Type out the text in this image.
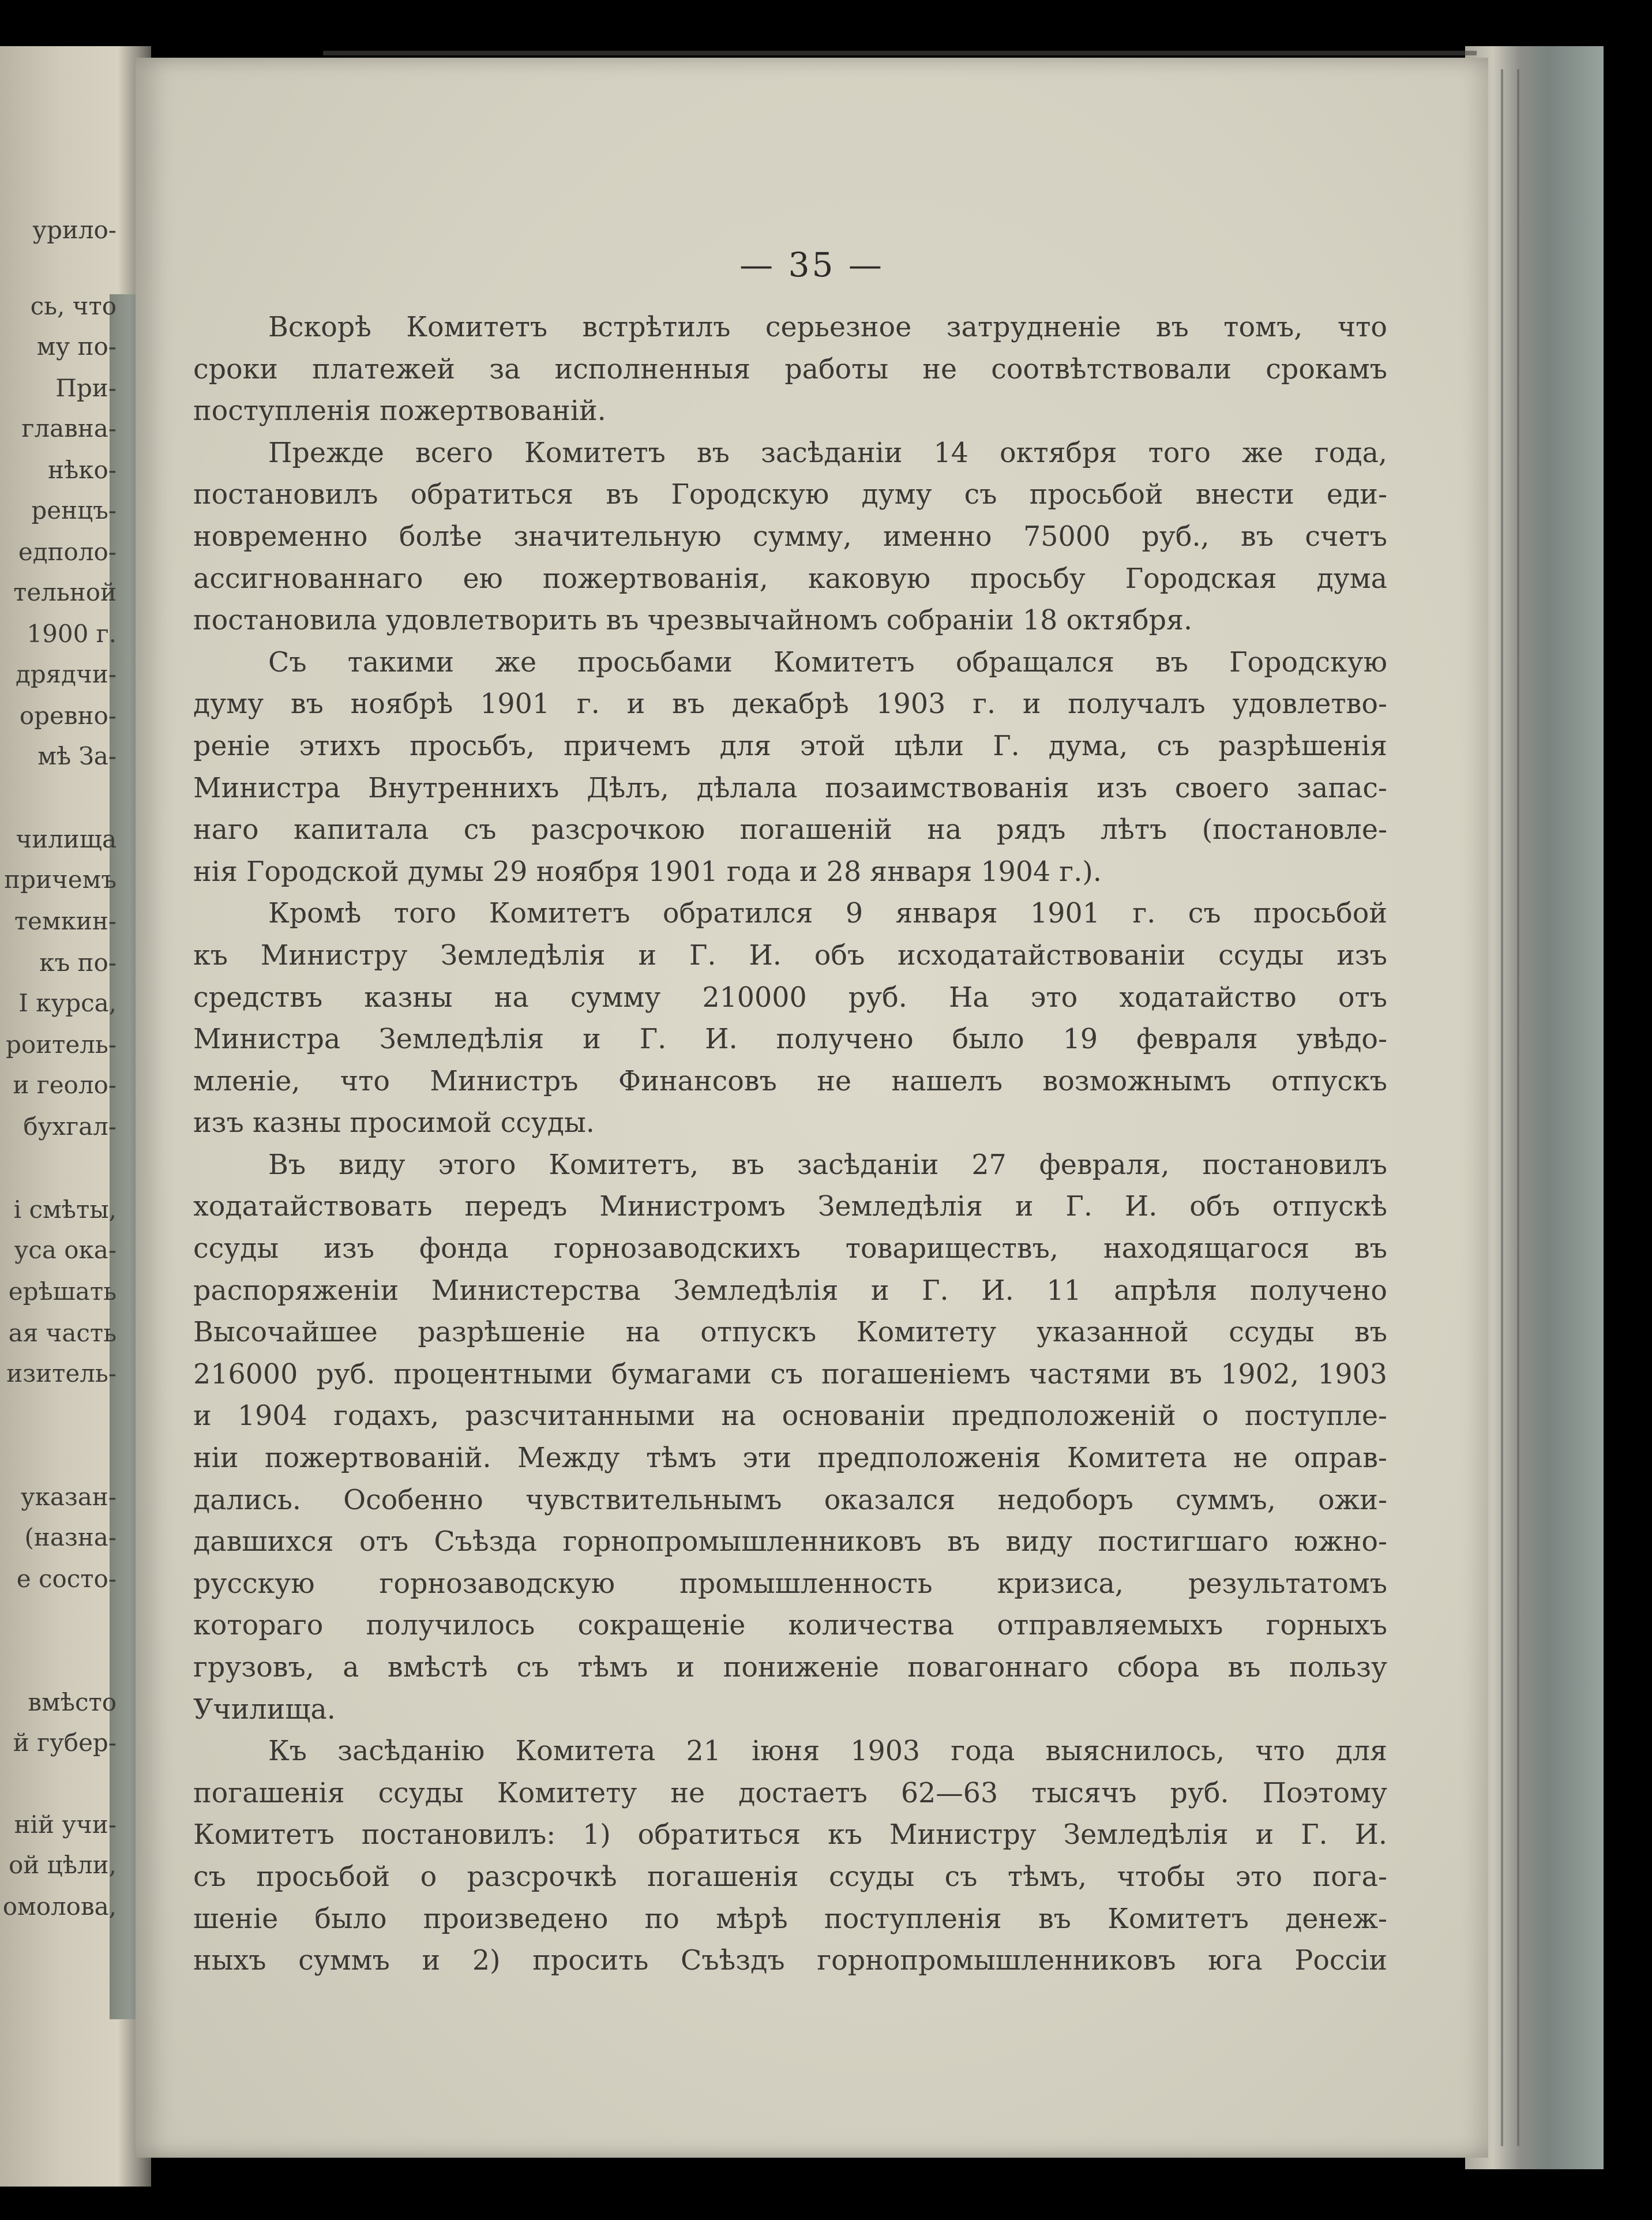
урило-
сь, что
му по-
При-
главна-
нѣко-
ренцъ-
едполо-
тельной
1900 г.
дрядчи-
оревно-
мѣ За-
чилища
причемъ
темкин-
къ по-
I курса,
роитель-
и геоло-
бухгал-
і смѣты,
уса ока-
ерѣшать
ая часть
изитель-
указан-
(назна-
е состо-
вмѣсто
й губер-
ній учи-
ой цѣли,
омолова,
— 35 —
Вскорѣ Комитетъ встрѣтилъ серьезное затрудненіе въ томъ, что
сроки платежей за исполненныя работы не соотвѣтствовали срокамъ
поступленія пожертвованій.
Прежде всего Комитетъ въ засѣданіи 14 октября того же года,
постановилъ обратиться въ Городскую думу съ просьбой внести еди-
новременно болѣе значительную сумму, именно 75000 руб., въ счетъ
ассигнованнаго ею пожертвованія, каковую просьбу Городская дума
постановила удовлетворить въ чрезвычайномъ собраніи 18 октября.
Съ такими же просьбами Комитетъ обращался въ Городскую
думу въ ноябрѣ 1901 г. и въ декабрѣ 1903 г. и получалъ удовлетво-
реніе этихъ просьбъ, причемъ для этой цѣли Г. дума, съ разрѣшенія
Министра Внутреннихъ Дѣлъ, дѣлала позаимствованія изъ своего запас-
наго капитала съ разсрочкою погашеній на рядъ лѣтъ (постановле-
нія Городской думы 29 ноября 1901 года и 28 января 1904 г.).
Кромѣ того Комитетъ обратился 9 января 1901 г. съ просьбой
къ Министру Земледѣлія и Г. И. объ исходатайствованіи ссуды изъ
средствъ казны на сумму 210000 руб. На это ходатайство отъ
Министра Земледѣлія и Г. И. получено было 19 февраля увѣдо-
мленіе, что Министръ Финансовъ не нашелъ возможнымъ отпускъ
изъ казны просимой ссуды.
Въ виду этого Комитетъ, въ засѣданіи 27 февраля, постановилъ
ходатайствовать передъ Министромъ Земледѣлія и Г. И. объ отпускѣ
ссуды изъ фонда горнозаводскихъ товариществъ, находящагося въ
распоряженіи Министерства Земледѣлія и Г. И. 11 апрѣля получено
Высочайшее разрѣшеніе на отпускъ Комитету указанной ссуды въ
216000 руб. процентными бумагами съ погашеніемъ частями въ 1902, 1903
и 1904 годахъ, разсчитанными на основаніи предположеній о поступле-
ніи пожертвованій. Между тѣмъ эти предположенія Комитета не оправ-
дались. Особенно чувствительнымъ оказался недоборъ суммъ, ожи-
давшихся отъ Съѣзда горнопромышленниковъ въ виду постигшаго южно-
русскую горнозаводскую промышленность кризиса, результатомъ
котораго получилось сокращеніе количества отправляемыхъ горныхъ
грузовъ, а вмѣстѣ съ тѣмъ и пониженіе повагоннаго сбора въ пользу
Училища.
Къ засѣданію Комитета 21 іюня 1903 года выяснилось, что для
погашенія ссуды Комитету не достаетъ 62—63 тысячъ руб. Поэтому
Комитетъ постановилъ: 1) обратиться къ Министру Земледѣлія и Г. И.
съ просьбой о разсрочкѣ погашенія ссуды съ тѣмъ, чтобы это пога-
шеніе было произведено по мѣрѣ поступленія въ Комитетъ денеж-
ныхъ суммъ и 2) просить Съѣздъ горнопромышленниковъ юга Россіи
